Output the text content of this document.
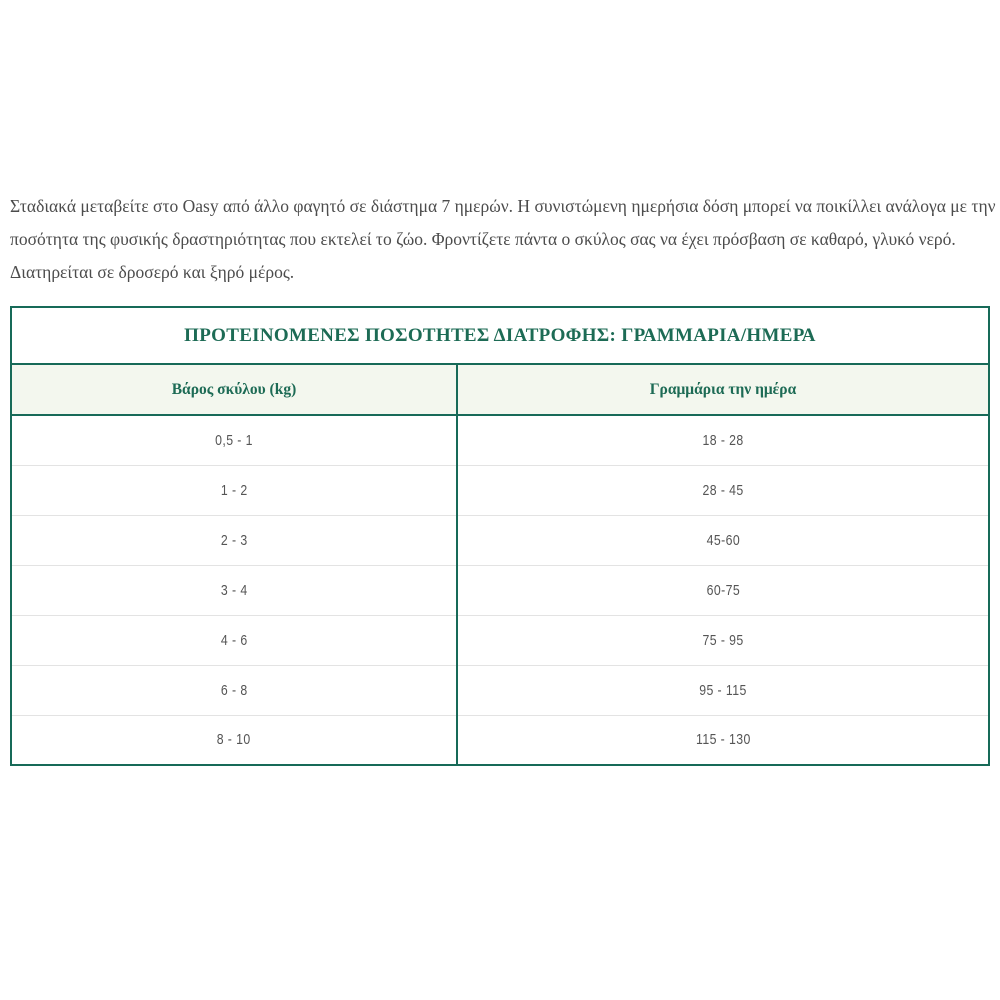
Σταδιακά μεταβείτε στο Oasy από άλλο φαγητό σε διάστημα 7 ημερών. Η συνιστώμενη ημερήσια δόση μπορεί να ποικίλλει ανάλογα με την
ποσότητα της φυσικής δραστηριότητας που εκτελεί το ζώο. Φροντίζετε πάντα ο σκύλος σας να έχει πρόσβαση σε καθαρό, γλυκό νερό.
Διατηρείται σε δροσερό και ξηρό μέρος.
ΠΡΟΤΕΙΝΟΜΕΝΕΣ ΠΟΣΟΤΗΤΕΣ ΔΙΑΤΡΟΦΗΣ: ΓΡΑΜΜΑΡΙΑ/ΗΜΕΡΑ	
Βάρος σκύλου (kg)	Γραμμάρια την ημέρα
0,5 - 1	18 - 28
1 - 2	28 - 45
2 - 3	45-60
3 - 4	60-75
4 - 6	75 - 95
6 - 8	95 - 115
8 - 10	115 - 130
